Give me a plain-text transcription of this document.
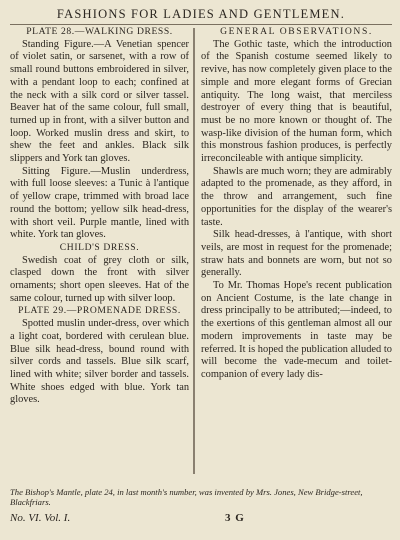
FASHIONS FOR LADIES AND GENTLEMEN.
PLATE 28.—WALKING DRESS.

Standing Figure.—A Venetian spencer of violet satin, or sarsenet, with a row of small round buttons embroidered in silver, with a pendant loop to each; confined at the neck with a silk cord or silver tassel. Beaver hat of the same colour, full small, turned up in front, with a silver button and loop. Worked muslin dress and skirt, to shew the feet and ankles. Black silk slippers and York tan gloves.

Sitting Figure.—Muslin underdress, with full loose sleeves: a Tunic à l'antique of yellow crape, trimmed with broad lace round the bottom; yellow silk head-dress, with short veil. Purple mantle, lined with white. York tan gloves.

CHILD'S DRESS.

Swedish coat of grey cloth or silk, clasped down the front with silver ornaments; short open sleeves. Hat of the same colour, turned up with silver loop.

PLATE 29.—PROMENADE DRESS.

Spotted muslin under-dress, over which a light coat, bordered with cerulean blue. Blue silk head-dress, bound round with silver cords and tassels. Blue silk scarf, lined with white; silver border and tassels. White shoes edged with blue. York tan gloves.

GENERAL OBSERVATIONS.

The Gothic taste, which the introduction of the Spanish costume seemed likely to revive, has now completely given place to the simple and more elegant forms of Grecian antiquity. The long waist, that merciless destroyer of every thing that is beautiful, must be no more known or thought of. The wasp-like division of the human form, which this monstrous fashion produces, is perfectly irreconcileable with antique simplicity.

Shawls are much worn; they are admirably adapted to the promenade, as they afford, in the throw and arrangement, such fine opportunities for the display of the wearer's taste.

Silk head-dresses, à l'antique, with short veils, are most in request for the promenade; straw hats and bonnets are worn, but not so generally.

To Mr. Thomas Hope's recent publication on Ancient Costume, is the late change in dress principally to be attributed;—indeed, to the exertions of this gentleman almost all our modern improvements in taste may be referred. It is hoped the publication alluded to will become the vade-mecum and toilet-companion of every lady dis-

The Bishop's Mantle, plate 24, in last month's number, was invented by Mrs. Jones, New Bridge-street, Blackfriars.
No. VI. Vol. I.	3 G
